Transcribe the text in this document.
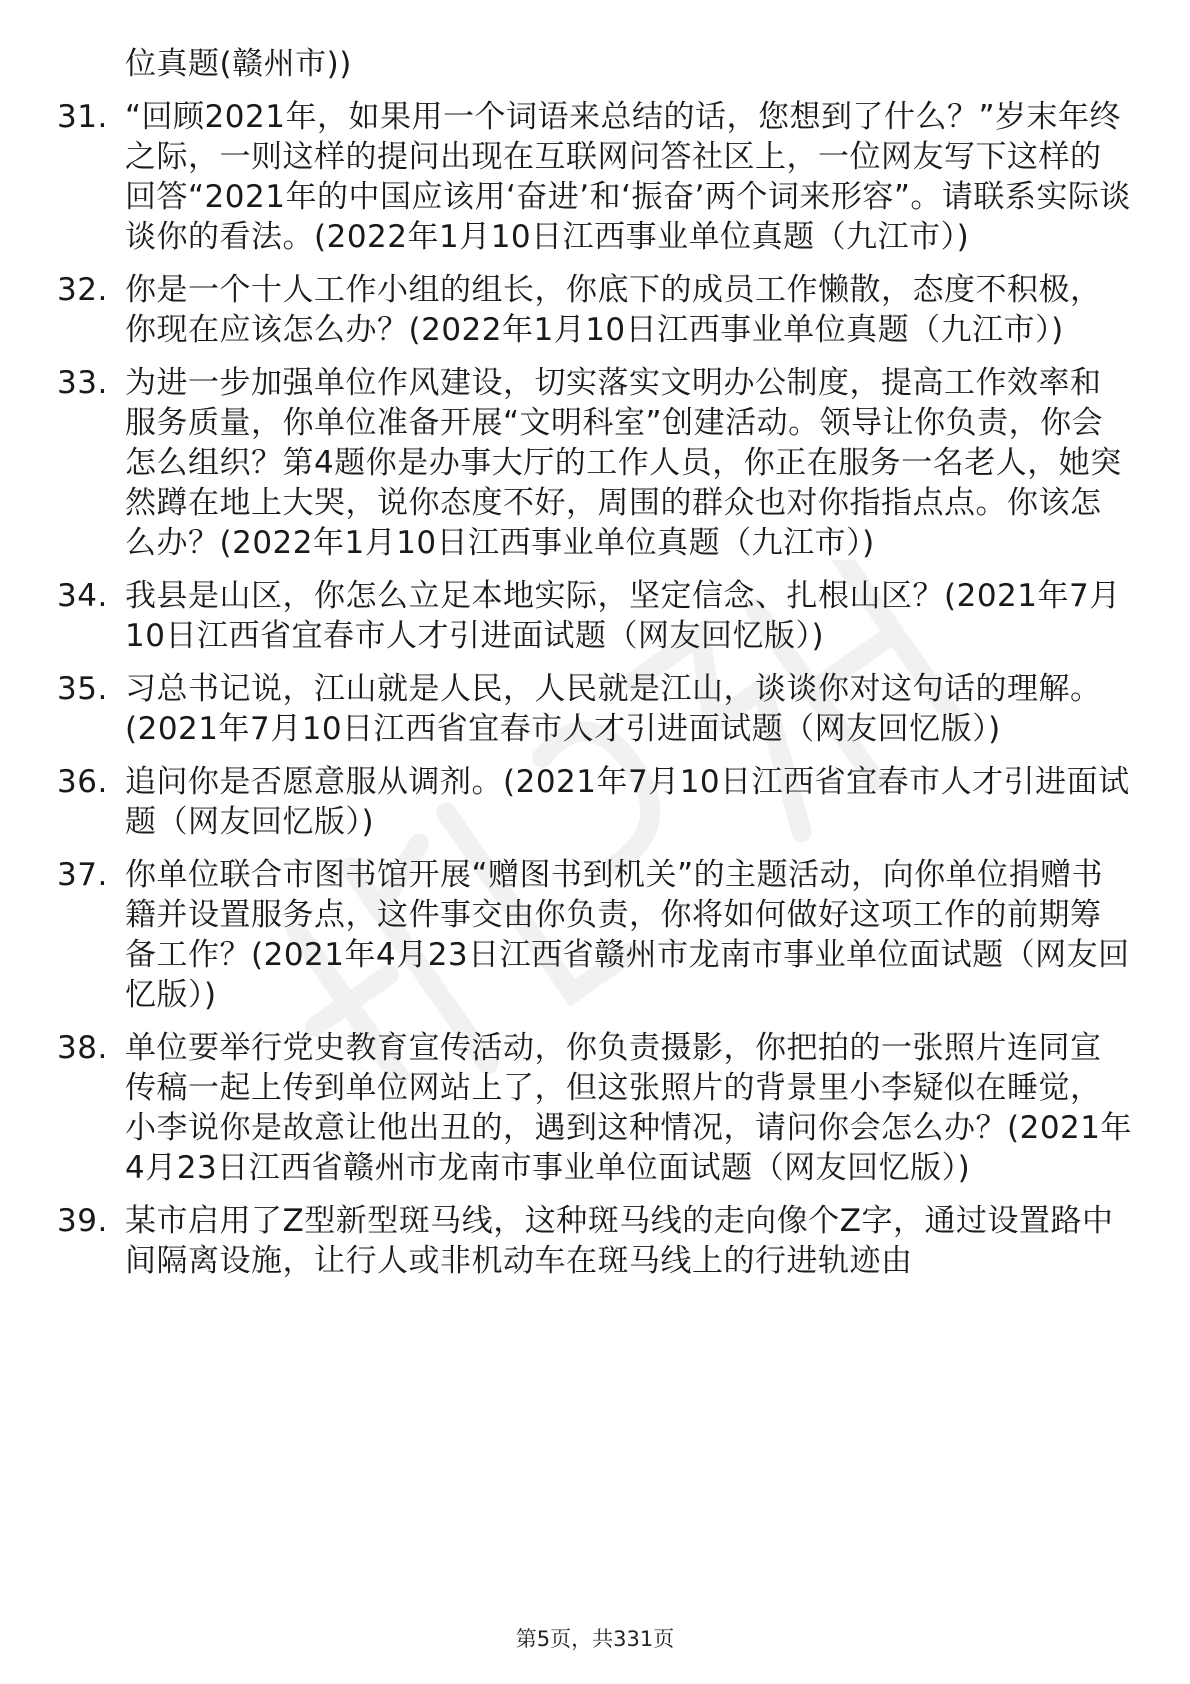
位真题(赣州市))
31. “回顾2021年，如果用一个词语来总结的话，您想到了什么？”岁末年终之际，一则这样的提问出现在互联网问答社区上，一位网友写下这样的回答“2021年的中国应该用‘奋进’和‘振奋’两个词来形容”。请联系实际谈谈你的看法。(2022年1月10日江西事业单位真题（九江市）)
32. 你是一个十人工作小组的组长，你底下的成员工作懒散，态度不积极，你现在应该怎么办？(2022年1月10日江西事业单位真题（九江市）)
33. 为进一步加强单位作风建设，切实落实文明办公制度，提高工作效率和服务质量，你单位准备开展“文明科室”创建活动。领导让你负责，你会怎么组织？第4题你是办事大厅的工作人员，你正在服务一名老人，她突然蹲在地上大哭，说你态度不好，周围的群众也对你指指点点。你该怎么办？(2022年1月10日江西事业单位真题（九江市）)
34. 我县是山区，你怎么立足本地实际，坚定信念、扎根山区？(2021年7月10日江西省宜春市人才引进面试题（网友回忆版）)
35. 习总书记说，江山就是人民，人民就是江山，谈谈你对这句话的理解。(2021年7月10日江西省宜春市人才引进面试题（网友回忆版）)
36. 追问你是否愿意服从调剂。(2021年7月10日江西省宜春市人才引进面试题（网友回忆版）)
37. 你单位联合市图书馆开展“赠图书到机关”的主题活动，向你单位捐赠书籍并设置服务点，这件事交由你负责，你将如何做好这项工作的前期筹备工作？(2021年4月23日江西省赣州市龙南市事业单位面试题（网友回忆版）)
38. 单位要举行党史教育宣传活动，你负责摄影，你把拍的一张照片连同宣传稿一起上传到单位网站上了，但这张照片的背景里小李疑似在睡觉，小李说你是故意让他出丑的，遇到这种情况，请问你会怎么办？(2021年4月23日江西省赣州市龙南市事业单位面试题（网友回忆版）)
39. 某市启用了Z型新型斑马线，这种斑马线的走向像个Z字，通过设置路中间隔离设施，让行人或非机动车在斑马线上的行进轨迹由
第5页，共331页
